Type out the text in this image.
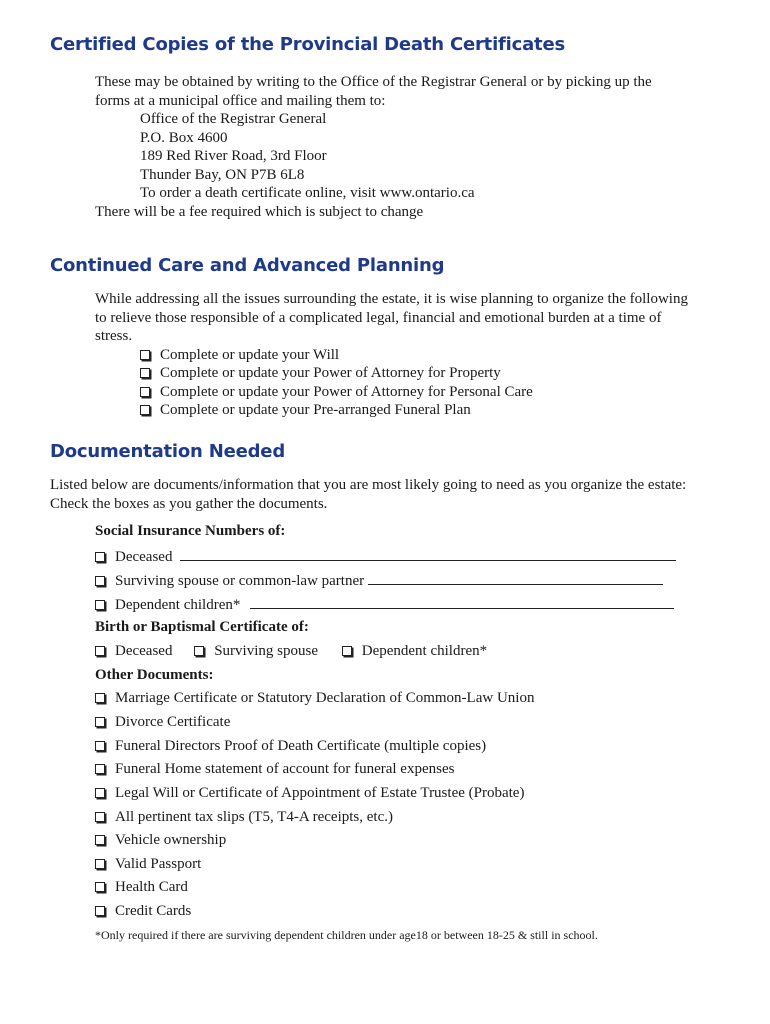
Certified Copies of the Provincial Death Certificates
These may be obtained by writing to the Office of the Registrar General or by picking up the
forms at a municipal office and mailing them to:
Office of the Registrar General
P.O. Box 4600
189 Red River Road, 3rd Floor
Thunder Bay, ON P7B 6L8
To order a death certificate online, visit www.ontario.ca
There will be a fee required which is subject to change
Continued Care and Advanced Planning
While addressing all the issues surrounding the estate, it is wise planning to organize the following
to relieve those responsible of a complicated legal, financial and emotional burden at a time of
stress.
Complete or update your Will
Complete or update your Power of Attorney for Property
Complete or update your Power of Attorney for Personal Care
Complete or update your Pre-arranged Funeral Plan
Documentation Needed
Listed below are documents/information that you are most likely going to need as you organize the estate:
Check the boxes as you gather the documents.
Social Insurance Numbers of:
Deceased
Surviving spouse or common-law partner
Dependent children*
Birth or Baptismal Certificate of:
Deceased	Surviving spouse	Dependent children*
Other Documents:
Marriage Certificate or Statutory Declaration of Common-Law Union
Divorce Certificate
Funeral Directors Proof of Death Certificate (multiple copies)
Funeral Home statement of account for funeral expenses
Legal Will or Certificate of Appointment of Estate Trustee (Probate)
All pertinent tax slips (T5, T4-A receipts, etc.)
Vehicle ownership
Valid Passport
Health Card
Credit Cards
*Only required if there are surviving dependent children under age18 or between 18-25 & still in school.
